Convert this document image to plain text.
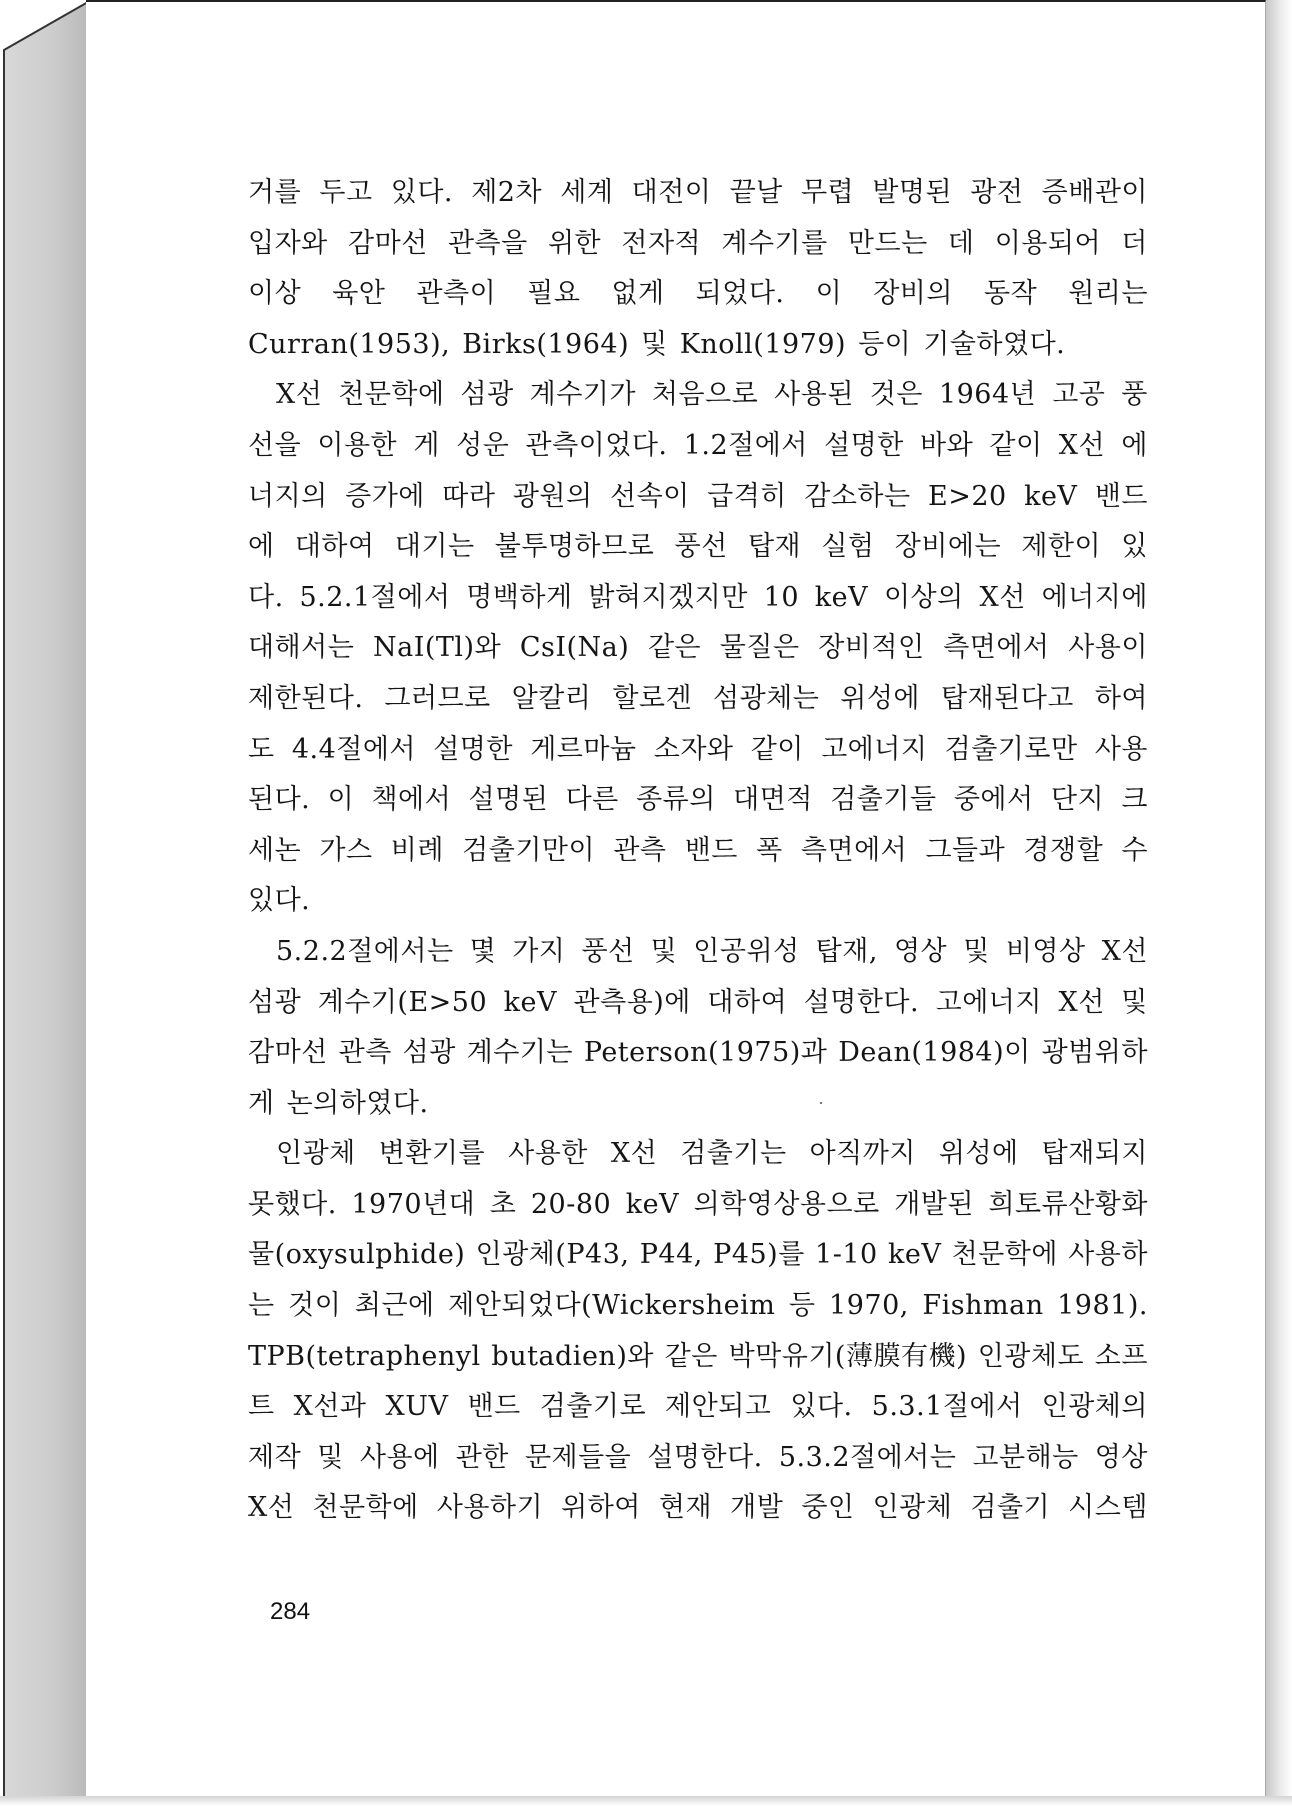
거를 두고 있다. 제2차 세계 대전이 끝날 무렵 발명된 광전 증배관이
입자와 감마선 관측을 위한 전자적 계수기를 만드는 데 이용되어 더
이상 육안 관측이 필요 없게 되었다. 이 장비의 동작 원리는
Curran(1953), Birks(1964) 및 Knoll(1979) 등이 기술하였다.
X선 천문학에 섬광 계수기가 처음으로 사용된 것은 1964년 고공 풍
선을 이용한 게 성운 관측이었다. 1.2절에서 설명한 바와 같이 X선 에
너지의 증가에 따라 광원의 선속이 급격히 감소하는 E>20 keV 밴드
에 대하여 대기는 불투명하므로 풍선 탑재 실험 장비에는 제한이 있
다. 5.2.1절에서 명백하게 밝혀지겠지만 10 keV 이상의 X선 에너지에
대해서는 NaI(Tl)와 CsI(Na) 같은 물질은 장비적인 측면에서 사용이
제한된다. 그러므로 알칼리 할로겐 섬광체는 위성에 탑재된다고 하여
도 4.4절에서 설명한 게르마늄 소자와 같이 고에너지 검출기로만 사용
된다. 이 책에서 설명된 다른 종류의 대면적 검출기들 중에서 단지 크
세논 가스 비례 검출기만이 관측 밴드 폭 측면에서 그들과 경쟁할 수
있다.
5.2.2절에서는 몇 가지 풍선 및 인공위성 탑재, 영상 및 비영상 X선
섬광 계수기(E>50 keV 관측용)에 대하여 설명한다. 고에너지 X선 및
감마선 관측 섬광 계수기는 Peterson(1975)과 Dean(1984)이 광범위하
게 논의하였다.
인광체 변환기를 사용한 X선 검출기는 아직까지 위성에 탑재되지
못했다. 1970년대 초 20-80 keV 의학영상용으로 개발된 희토류산황화
물(oxysulphide) 인광체(P43, P44, P45)를 1-10 keV 천문학에 사용하
는 것이 최근에 제안되었다(Wickersheim 등 1970, Fishman 1981).
TPB(tetraphenyl butadien)와 같은 박막유기(薄膜有機) 인광체도 소프
트 X선과 XUV 밴드 검출기로 제안되고 있다. 5.3.1절에서 인광체의
제작 및 사용에 관한 문제들을 설명한다. 5.3.2절에서는 고분해능 영상
X선 천문학에 사용하기 위하여 현재 개발 중인 인광체 검출기 시스템
284
